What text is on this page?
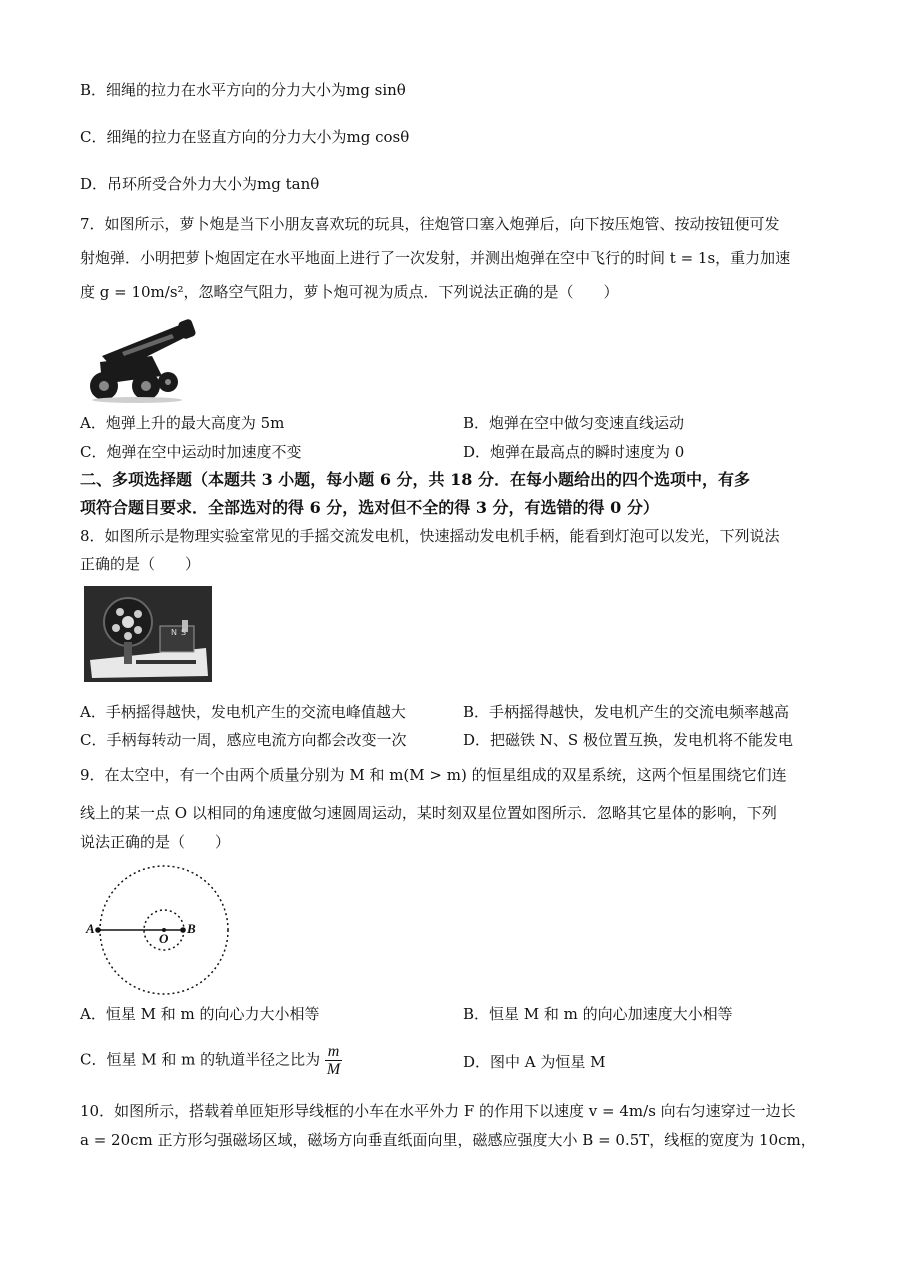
B．细绳的拉力在水平方向的分力大小为mg sinθ
C．细绳的拉力在竖直方向的分力大小为mg cosθ
D．吊环所受合外力大小为mg tanθ
7．如图所示，萝卜炮是当下小朋友喜欢玩的玩具，往炮管口塞入炮弹后，向下按压炮管、按动按钮便可发
射炮弹．小明把萝卜炮固定在水平地面上进行了一次发射，并测出炮弹在空中飞行的时间 t = 1s，重力加速
度 g = 10m/s²，忽略空气阻力，萝卜炮可视为质点．下列说法正确的是（　　）
A．炮弹上升的最大高度为 5m	B．炮弹在空中做匀变速直线运动
C．炮弹在空中运动时加速度不变	D．炮弹在最高点的瞬时速度为 0
二、多项选择题（本题共 3 小题，每小题 6 分，共 18 分．在每小题给出的四个选项中，有多
项符合题目要求．全部选对的得 6 分，选对但不全的得 3 分，有选错的得 0 分）
8．如图所示是物理实验室常见的手摇交流发电机，快速摇动发电机手柄，能看到灯泡可以发光，下列说法
正确的是（　　）
N S
A．手柄摇得越快，发电机产生的交流电峰值越大	B．手柄摇得越快，发电机产生的交流电频率越高
C．手柄每转动一周，感应电流方向都会改变一次	D．把磁铁 N、S 极位置互换，发电机将不能发电
9．在太空中，有一个由两个质量分别为 M 和 m(M > m) 的恒星组成的双星系统，这两个恒星围绕它们连
线上的某一点 O 以相同的角速度做匀速圆周运动，某时刻双星位置如图所示．忽略其它星体的影响，下列
说法正确的是（　　）
A
O
B
A．恒星 M 和 m 的向心力大小相等	B．恒星 M 和 m 的向心加速度大小相等
C．恒星 M 和 m 的轨道半径之比为 $\frac{m}{M}$	D．图中 A 为恒星 M
10．如图所示，搭载着单匝矩形导线框的小车在水平外力 F 的作用下以速度 v = 4m/s 向右匀速穿过一边长
a = 20cm 正方形匀强磁场区域，磁场方向垂直纸面向里，磁感应强度大小 B = 0.5T，线框的宽度为 10cm，
